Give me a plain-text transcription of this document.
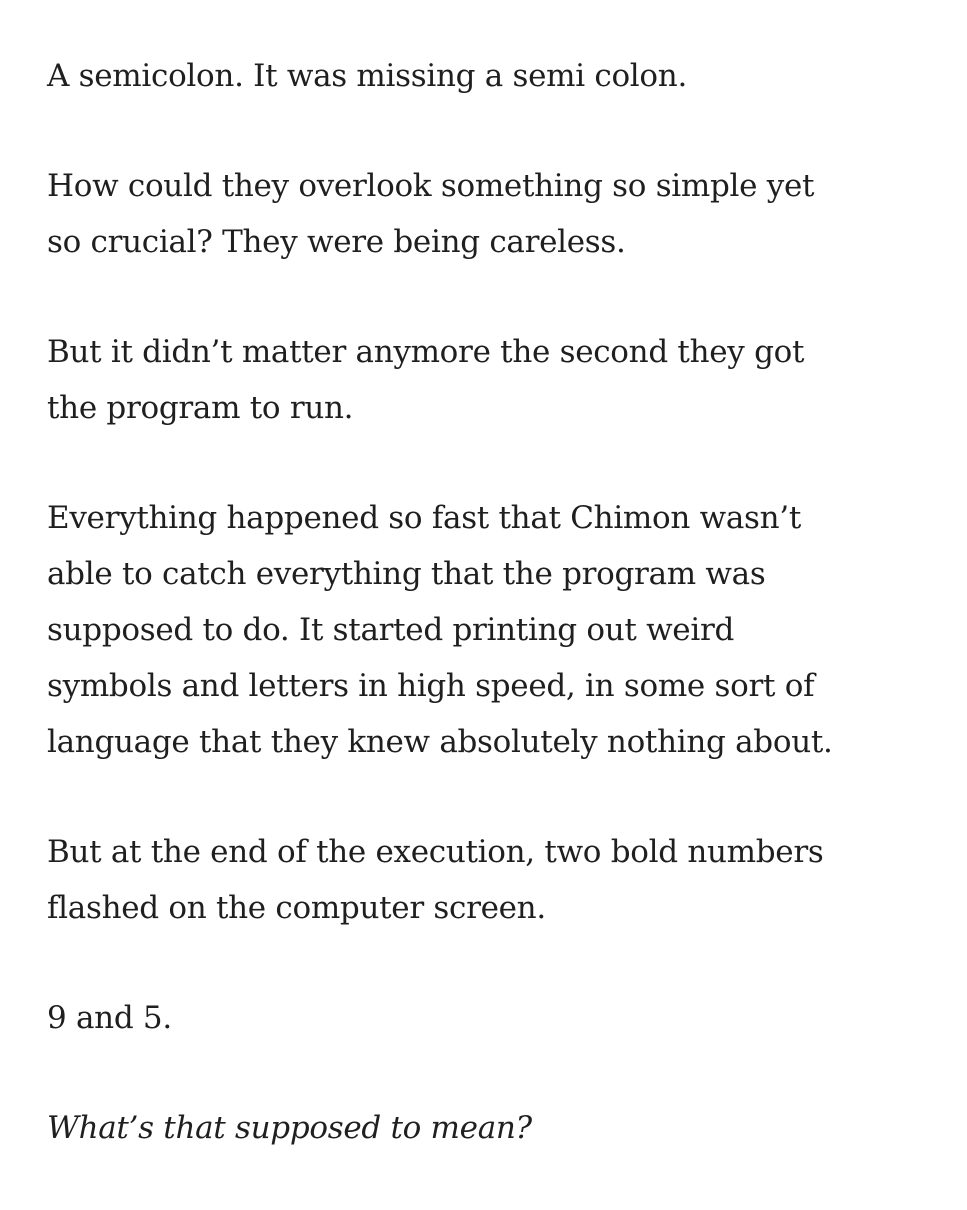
A semicolon. It was missing a semi colon.

How could they overlook something so simple yet
so crucial? They were being careless.

But it didn’t matter anymore the second they got
the program to run.

Everything happened so fast that Chimon wasn’t
able to catch everything that the program was
supposed to do. It started printing out weird
symbols and letters in high speed, in some sort of
language that they knew absolutely nothing about.

But at the end of the execution, two bold numbers
flashed on the computer screen.

9 and 5.

What’s that supposed to mean?
